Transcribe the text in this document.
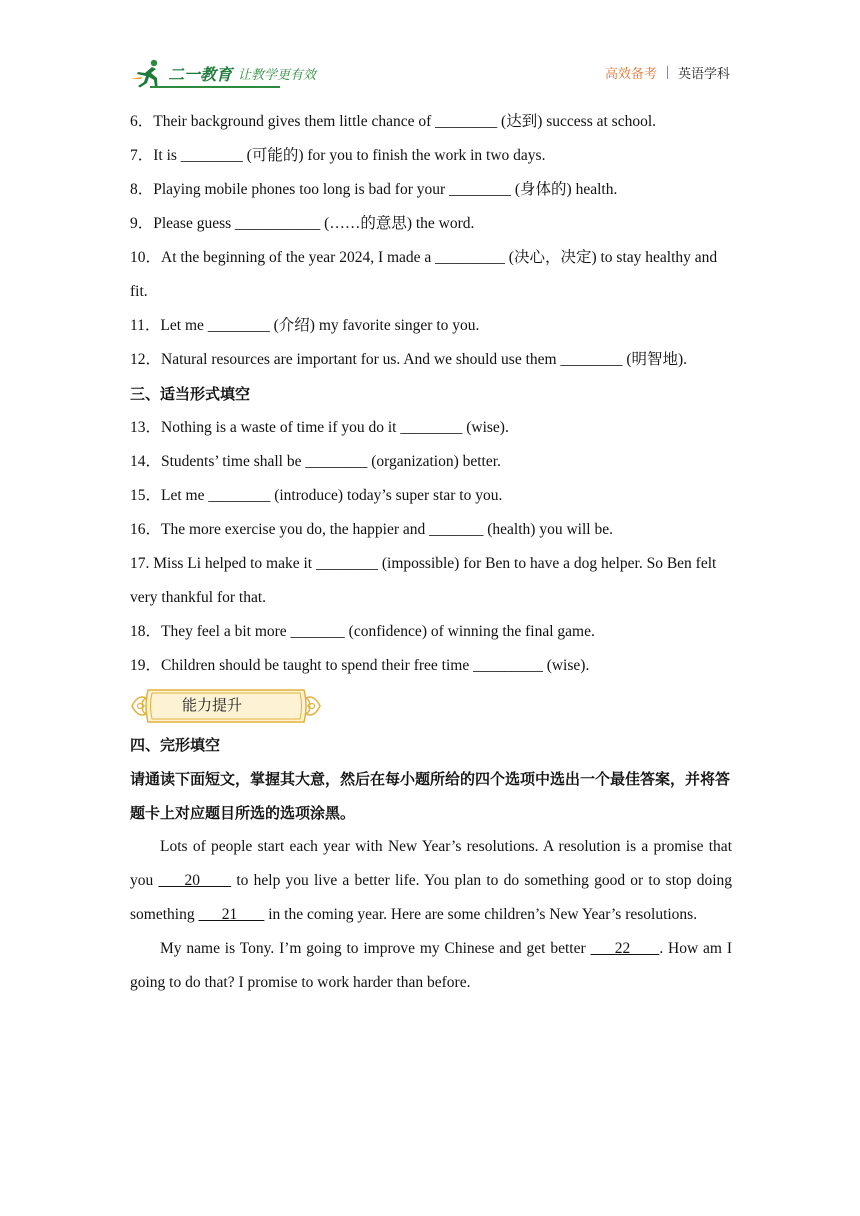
二一教育 让教学更有效	高效备考 英语学科
6．Their background gives them little chance of ________ (达到) success at school.
7．It is ________ (可能的) for you to finish the work in two days.
8．Playing mobile phones too long is bad for your ________ (身体的) health.
9．Please guess ___________ (……的意思) the word.
10．At the beginning of the year 2024, I made a _________ (决心，决定) to stay healthy and fit.
11．Let me ________ (介绍) my favorite singer to you.
12．Natural resources are important for us. And we should use them ________ (明智地).
三、适当形式填空
13．Nothing is a waste of time if you do it ________ (wise).
14．Students’ time shall be ________ (organization) better.
15．Let me ________ (introduce) today’s super star to you.
16．The more exercise you do, the happier and _______ (health) you will be.
17. Miss Li helped to make it ________ (impossible) for Ben to have a dog helper. So Ben felt very thankful for that.
18．They feel a bit more _______ (confidence) of winning the final game.
19．Children should be taught to spend their free time _________ (wise).
能力提升
四、完形填空
请通读下面短文，掌握其大意，然后在每小题所给的四个选项中选出一个最佳答案，并将答题卡上对应题目所选的选项涂黑。
Lots of people start each year with New Year’s resolutions. A resolution is a promise that you      20       to help you live a better life. You plan to do something good or to stop doing something       21        in the coming year. Here are some children’s New Year’s resolutions.
My name is Tony. I’m going to improve my Chinese and get better      22      . How am I going to do that? I promise to work harder than before.
